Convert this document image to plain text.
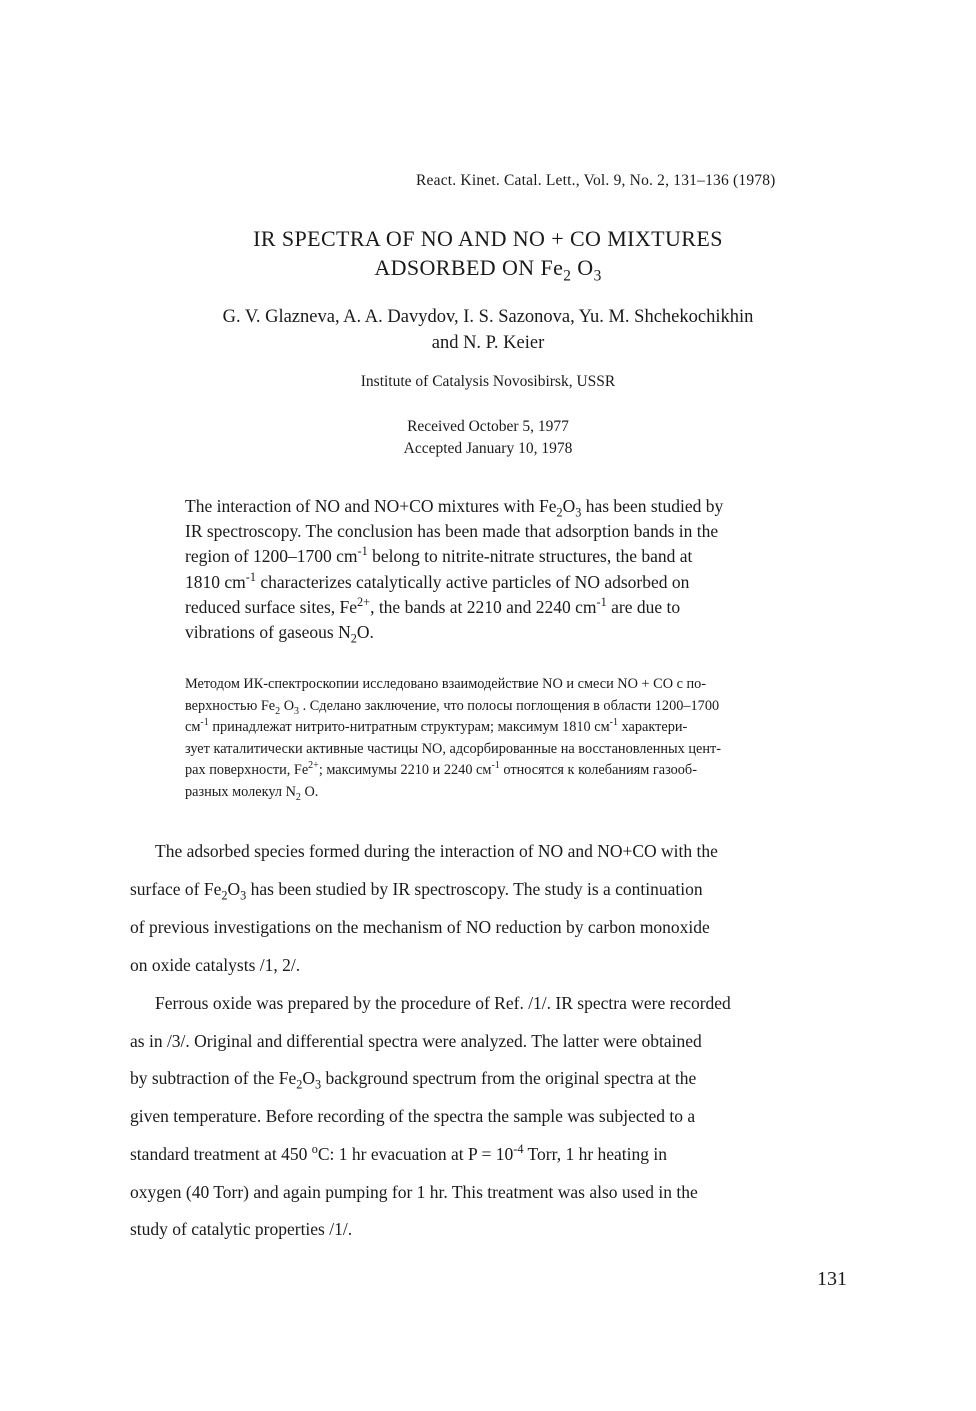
React. Kinet. Catal. Lett., Vol. 9, No. 2, 131–136 (1978)
IR SPECTRA OF NO AND NO + CO MIXTURES
ADSORBED ON $Fe_2$ $O_3$
G. V. Glazneva, A. A. Davydov, I. S. Sazonova, Yu. M. Shchekochikhin
and N. P. Keier
Institute of Catalysis Novosibirsk, USSR
Received October 5, 1977
Accepted January 10, 1978
The interaction of NO and NO+CO mixtures with $Fe_2O_3$ has been studied by
IR spectroscopy. The conclusion has been made that adsorption bands in the
region of 1200–1700 $cm^{-1}$ belong to nitrite-nitrate structures, the band at
1810 $cm^{-1}$ characterizes catalytically active particles of NO adsorbed on
reduced surface sites, $Fe^{2+}$, the bands at 2210 and 2240 $cm^{-1}$ are due to
vibrations of gaseous $N_2O$.
Методом ИК-спектроскопии исследовано взаимодействие NO и смеси NO + CO с по-
верхностью $Fe_2$ $O_3$ . Сделано заключение, что полосы поглощения в области 1200–1700
$см^{-1}$ принадлежат нитрито-нитратным структурам; максимум 1810 $см^{-1}$ характери-
зует каталитически активные частицы NO, адсорбированные на восстановленных цент-
рах поверхности, $Fe^{2+}$; максимумы 2210 и 2240 $см^{-1}$ относятся к колебаниям газооб-
разных молекул $N_2$ O.
The adsorbed species formed during the interaction of NO and NO+CO with the
surface of $Fe_2O_3$ has been studied by IR spectroscopy. The study is a continuation
of previous investigations on the mechanism of NO reduction by carbon monoxide
on oxide catalysts /1, 2/.
Ferrous oxide was prepared by the procedure of Ref. /1/. IR spectra were recorded
as in /3/. Original and differential spectra were analyzed. The latter were obtained
by subtraction of the $Fe_2O_3$ background spectrum from the original spectra at the
given temperature. Before recording of the spectra the sample was subjected to a
standard treatment at 450 $^o$C: 1 hr evacuation at $P = 10^{-4}$ Torr, 1 hr heating in
oxygen (40 Torr) and again pumping for 1 hr. This treatment was also used in the
study of catalytic properties /1/.
131
